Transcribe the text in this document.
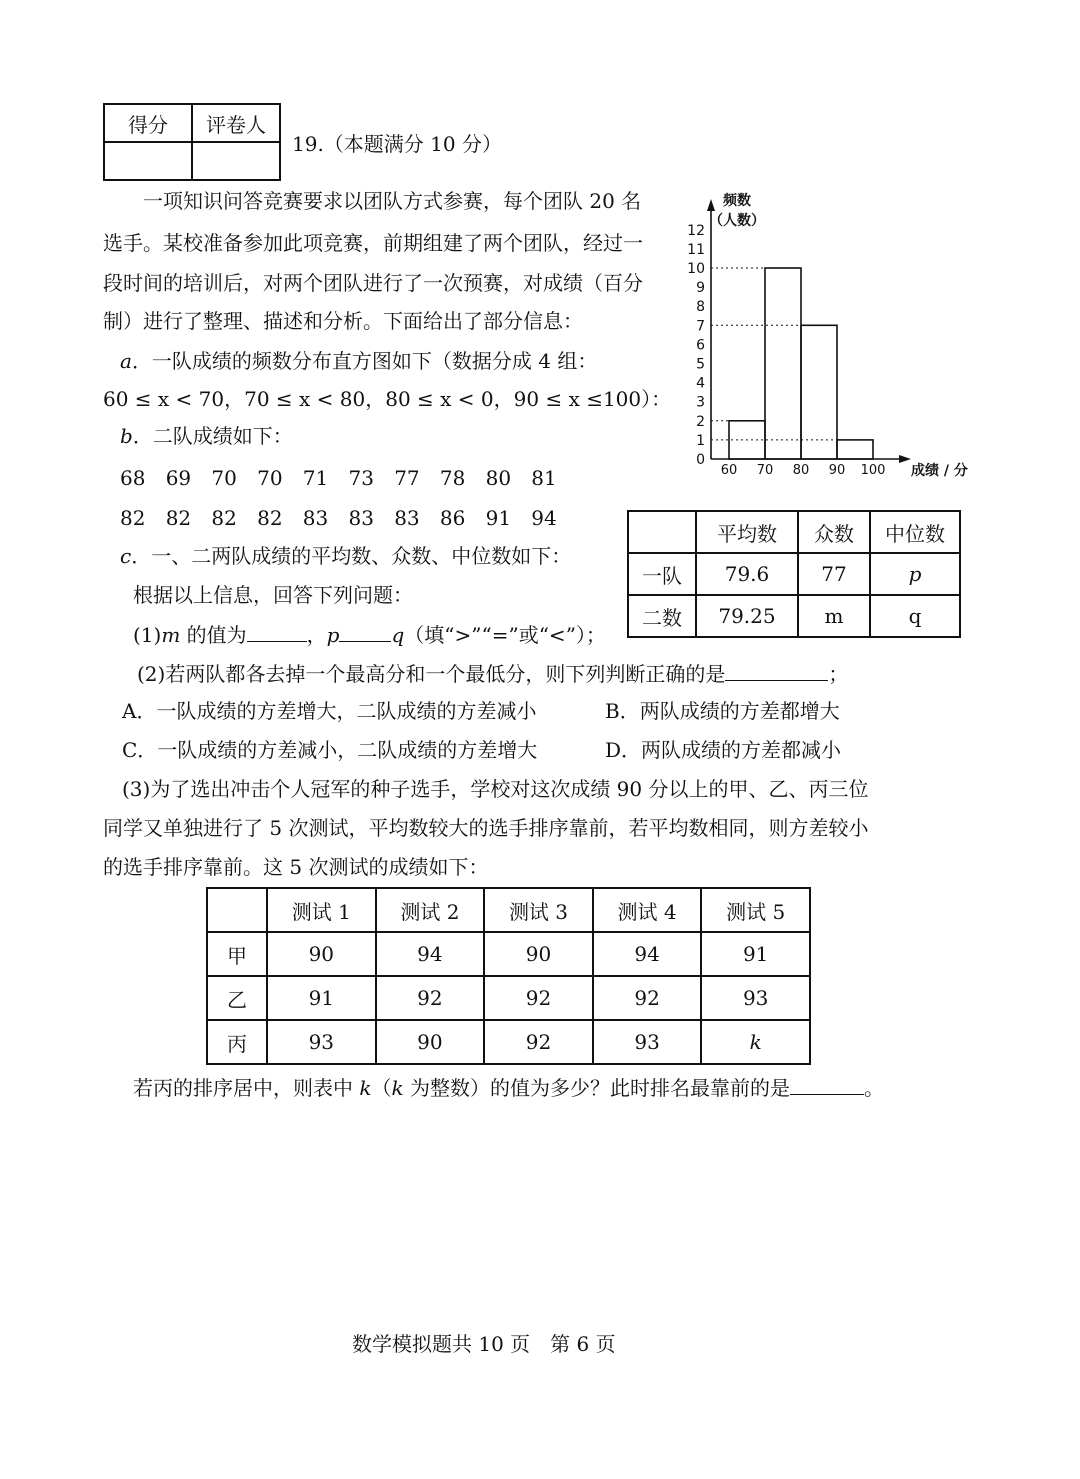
得分	评卷人

19.（本题满分 10 分）
一项知识问答竞赛要求以团队方式参赛，每个团队 20 名
选手。某校准备参加此项竞赛，前期组建了两个团队，经过一
段时间的培训后，对两个团队进行了一次预赛，对成绩（百分
制）进行了整理、描述和分析。下面给出了部分信息：
a．一队成绩的频数分布直方图如下（数据分成 4 组：
60 ≤ x < 70，70 ≤ x < 80，80 ≤ x < 0，90 ≤ x ≤100）：
b．二队成绩如下：
68 69 70 70 71 73 77 78 80 81
82 82 82 82 83 83 83 86 91 94
c．一、二两队成绩的平均数、众数、中位数如下：
0
1
2
3
4
5
6
7
8
9
10
11
12
60 70 80 90 100
频数
（人数）
成绩 / 分
	平均数	众数	中位数
一队	79.6	77	p
二数	79.25	m	q
根据以上信息，回答下列问题：
(1)m 的值为	，p	q（填“>”“=”或“<”）；
(2)若两队都各去掉一个最高分和一个最低分，则下列判断正确的是	；
A．一队成绩的方差增大，二队成绩的方差减小	B．两队成绩的方差都增大
C．一队成绩的方差减小，二队成绩的方差增大	D．两队成绩的方差都减小
(3)为了选出冲击个人冠军的种子选手，学校对这次成绩 90 分以上的甲、乙、丙三位
同学又单独进行了 5 次测试，平均数较大的选手排序靠前，若平均数相同，则方差较小
的选手排序靠前。这 5 次测试的成绩如下：
	测试 1	测试 2	测试 3	测试 4	测试 5
甲	90	94	90	94	91
乙	91	92	92	92	93
丙	93	90	92	93	k
若丙的排序居中，则表中 k（k 为整数）的值为多少？此时排名最靠前的是	。
数学模拟题共 10 页　第 6 页
